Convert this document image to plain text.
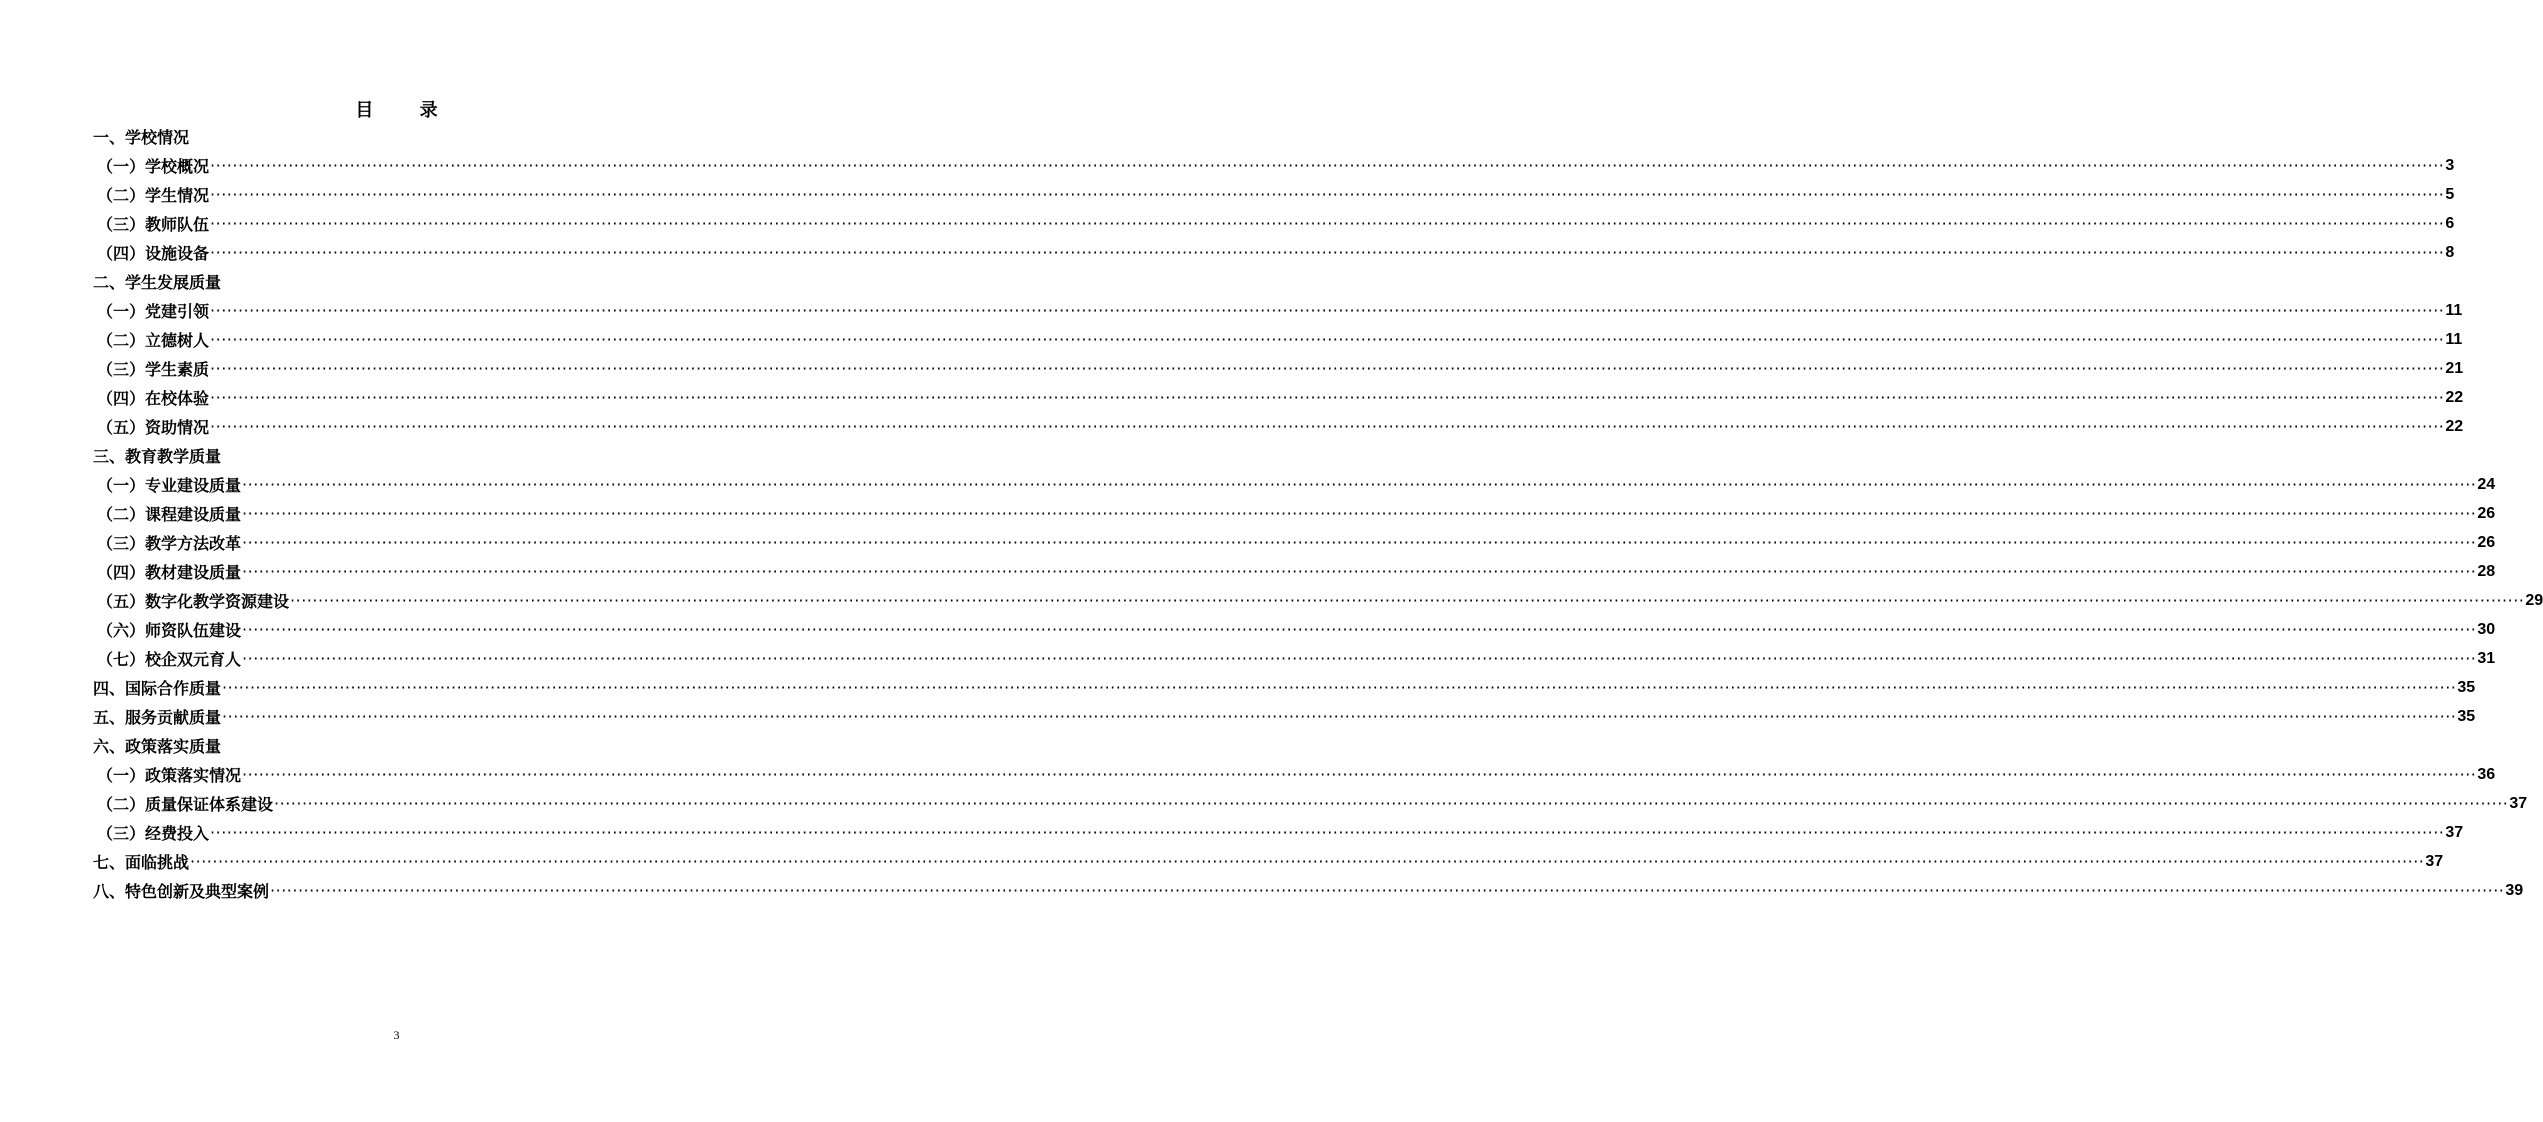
目 录
一、学校情况
（一）学校概况 ················································································································································································································································································································································································································ 3
（二）学生情况 ················································································································································································································································································································································································································ 5
（三）教师队伍 ················································································································································································································································································································································································································ 6
（四）设施设备 ················································································································································································································································································································································································································ 8
二、学生发展质量
（一）党建引领 ················································································································································································································································································································································································································ 11
（二）立德树人 ················································································································································································································································································································································································································ 11
（三）学生素质 ················································································································································································································································································································································································································ 21
（四）在校体验 ················································································································································································································································································································································································································ 22
（五）资助情况 ················································································································································································································································································································································································································ 22
三、教育教学质量
（一）专业建设质量 ················································································································································································································································································································································································································ 24
（二）课程建设质量 ················································································································································································································································································································································································································ 26
（三）教学方法改革 ················································································································································································································································································································································································································ 26
（四）教材建设质量 ················································································································································································································································································································································································································ 28
（五）数字化教学资源建设 ················································································································································································································································································································································································································ 29
（六）师资队伍建设 ················································································································································································································································································································································································································ 30
（七）校企双元育人 ················································································································································································································································································································································································································ 31
四、国际合作质量 ················································································································································································································································································································································································································ 35
五、服务贡献质量 ················································································································································································································································································································································································································ 35
六、政策落实质量
（一）政策落实情况 ················································································································································································································································································································································································································ 36
（二）质量保证体系建设 ················································································································································································································································································································································································································ 37
（三）经费投入 ················································································································································································································································································································································································································ 37
七、面临挑战 ················································································································································································································································································································································································································ 37
八、特色创新及典型案例 ················································································································································································································································································································································································································ 39
3
